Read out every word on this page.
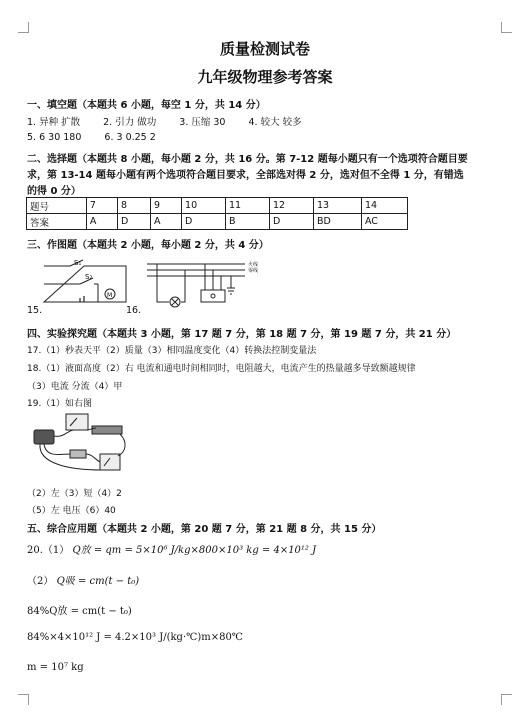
质量检测试卷
九年级物理参考答案
一、填空题（本题共 6 小题，每空 1 分，共 14 分）
1. 异种 扩散 2. 引力 做功 3. 压缩 30 4. 较大 较多
5. 6 30 180 6. 3 0.25 2
二、选择题（本题共 8 小题，每小题 2 分，共 16 分。第 7-12 题每小题只有一个选项符合题目要
求，第 13-14 题每小题有两个选项符合题目要求，全部选对得 2 分，选对但不全得 1 分，有错选
的得 0 分）
题号	7	8	9	10	11	12	13	14
答案	A	D	A	D	B	D	BD	AC
三、作图题（本题共 2 小题，每小题 2 分，共 4 分）
S₁
S₂
M
15.
火线
零线
16.
四、实验探究题（本题共 3 小题，第 17 题 7 分，第 18 题 7 分，第 19 题 7 分，共 21 分）
17.（1）秒表天平（2）质量（3）相同温度变化（4）转换法控制变量法
18.（1）液面高度（2）右 电流和通电时间相同时，电阻越大，电流产生的热量越多导致额越规律
（3）电流 分流（4）甲
19.（1）如右图
（2）左（3）短（4）2
（5）左 电压（6）40
五、综合应用题（本题共 2 小题，第 20 题 7 分，第 21 题 8 分，共 15 分）
20.（1） Q放 = qm = 5×10⁶ J/kg×800×10³ kg = 4×10¹² J
（2） Q吸 = cm(t − t₀)
84%Q放 = cm(t − t₀)
84%×4×10¹² J = 4.2×10³ J/(kg·℃)m×80℃
m = 10⁷ kg
